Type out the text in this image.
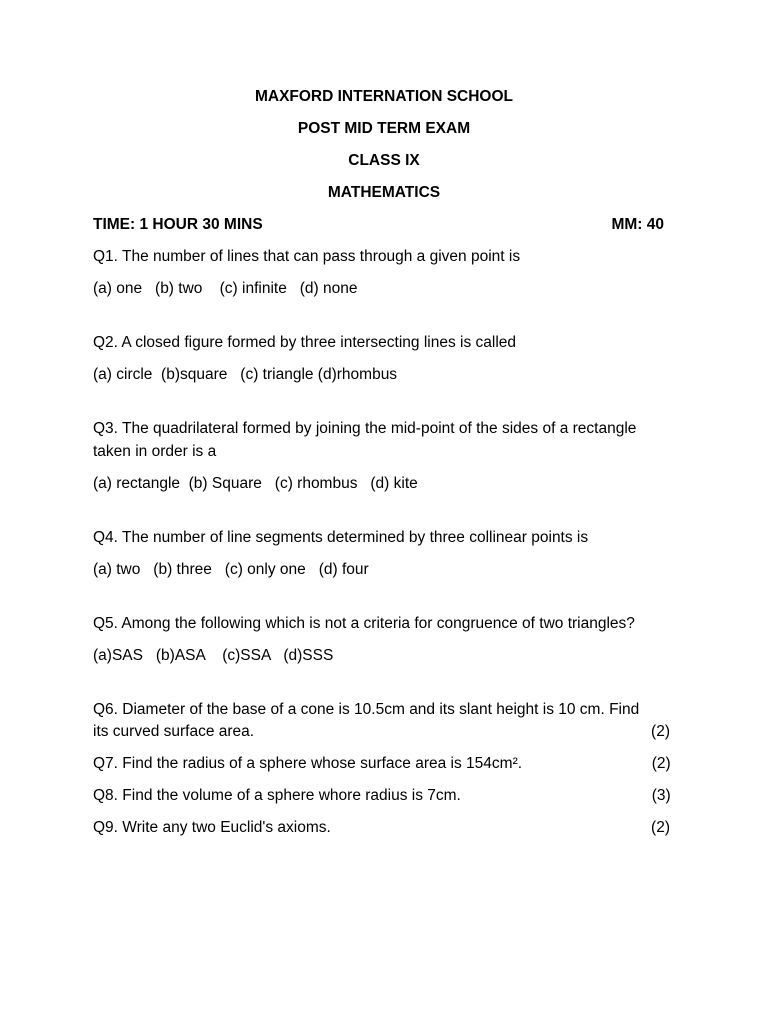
MAXFORD INTERNATION SCHOOL
POST MID TERM EXAM
CLASS IX
MATHEMATICS
TIME: 1 HOUR 30 MINS	MM: 40
Q1. The number of lines that can pass through a given point is
(a) one   (b) two    (c) infinite   (d) none
Q2. A closed figure formed by three intersecting lines is called
(a) circle  (b)square   (c) triangle (d)rhombus
Q3. The quadrilateral formed by joining the mid-point of the sides of a rectangle taken in order is a
(a) rectangle  (b) Square   (c) rhombus   (d) kite
Q4. The number of line segments determined by three collinear points is
(a) two   (b) three   (c) only one   (d) four
Q5. Among the following which is not a criteria for congruence of two triangles?
(a)SAS   (b)ASA    (c)SSA   (d)SSS
Q6. Diameter of the base of a cone is 10.5cm and its slant height is 10 cm. Find
its curved surface area.	(2)
Q7. Find the radius of a sphere whose surface area is 154cm².	(2)
Q8. Find the volume of a sphere whore radius is 7cm.	(3)
Q9. Write any two Euclid's axioms.	(2)
